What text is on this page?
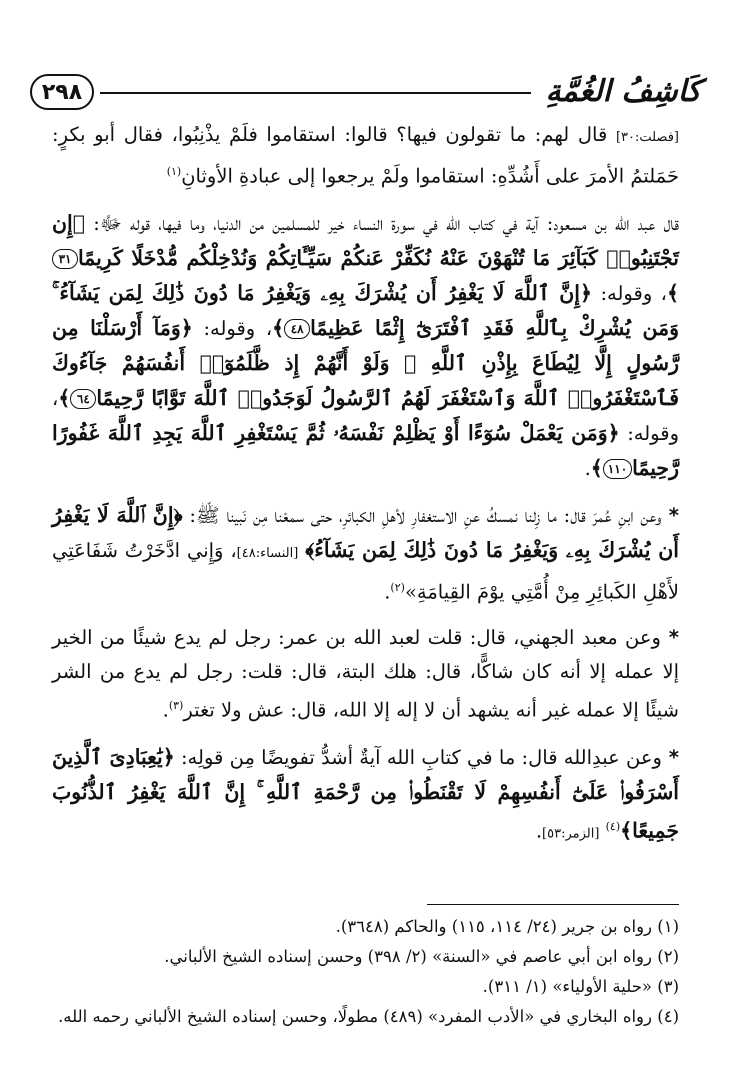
كَاشِفُ الغُمَّةِ
٢٩٨

[فصلت:٣٠] قال لهم: ما تقولون فيها؟ قالوا: استقاموا فلَمْ يذْنِبُوا، فقال أبو بكرٍ: حَمَلتمُ الأمرَ على أَشُدِّهِ: استقاموا ولَمْ يرجعوا إلى عبادةِ الأوثانِ$^{(١)}$

قال عبد الله بن مسعود: آية في كتاب الله في سورة النساء خير للمسلمين من الدنيا، وما فيها، قوله ﷻ: ﴿إِن تَجْتَنِبُوا۟ كَبَآئِرَ مَا تُنْهَوْنَ عَنْهُ نُكَفِّرْ عَنكُمْ سَيِّـَٔاتِكُمْ وَنُدْخِلْكُم مُّدْخَلًا كَرِيمًا٣١﴾، وقوله: ﴿إِنَّ ٱللَّهَ لَا يَغْفِرُ أَن يُشْرَكَ بِهِۦ وَيَغْفِرُ مَا دُونَ ذَٰلِكَ لِمَن يَشَآءُ ۚ وَمَن يُشْرِكْ بِٱللَّهِ فَقَدِ ٱفْتَرَىٰٓ إِثْمًا عَظِيمًا٤٨﴾، وقوله: ﴿وَمَآ أَرْسَلْنَا مِن رَّسُولٍ إِلَّا لِيُطَاعَ بِإِذْنِ ٱللَّهِ ۚ وَلَوْ أَنَّهُمْ إِذ ظَّلَمُوٓا۟ أَنفُسَهُمْ جَآءُوكَ فَٱسْتَغْفَرُوا۟ ٱللَّهَ وَٱسْتَغْفَرَ لَهُمُ ٱلرَّسُولُ لَوَجَدُوا۟ ٱللَّهَ تَوَّابًا رَّحِيمًا٦٤﴾، وقوله: ﴿وَمَن يَعْمَلْ سُوٓءًا أَوْ يَظْلِمْ نَفْسَهُۥ ثُمَّ يَسْتَغْفِرِ ٱللَّهَ يَجِدِ ٱللَّهَ غَفُورًا رَّحِيمًا١١٠﴾.

* وعن ابنِ عُمرَ قال: ما زِلنا نمسكُ عنِ الاستغفارِ لأهلِ الكبائرِ، حتى سمعْنا مِن نَبينا ﷺ: ﴿إِنَّ ٱللَّهَ لَا يَغْفِرُ أَن يُشْرَكَ بِهِۦ وَيَغْفِرُ مَا دُونَ ذَٰلِكَ لِمَن يَشَآءُ﴾ [النساء:٤٨]، وَإِني ادَّخَرْتُ شَفَاعَتِي لأَهْلِ الكَبائِرِ مِنْ أُمَّتِي يوْمَ القِيامَةِ»$^{(٢)}$.

* وعن معبد الجهني، قال: قلت لعبد الله بن عمر: رجل لم يدع شيئًا من الخير إلا عمله إلا أنه كان شاكًّا، قال: هلك البتة، قال: قلت: رجل لم يدع من الشر شيئًا إلا عمله غير أنه يشهد أن لا إله إلا الله، قال: عش ولا تغتر$^{(٣)}$.

* وعن عبدِالله قال: ما في كتابِ الله آيةٌ أشدُّ تفويضًا مِن قولِه: ﴿يَٰعِبَادِىَ ٱلَّذِينَ أَسْرَفُوا۟ عَلَىٰٓ أَنفُسِهِمْ لَا تَقْنَطُوا۟ مِن رَّحْمَةِ ٱللَّهِ ۚ إِنَّ ٱللَّهَ يَغْفِرُ ٱلذُّنُوبَ جَمِيعًا﴾$^{(٤)}$ [الزمر:٥٣].

(١) رواه بن جرير (٢٤/ ١١٤، ١١٥) والحاكم (٣٦٤٨).

(٢) رواه ابن أبي عاصم في «السنة» (٢/ ٣٩٨) وحسن إسناده الشيخ الألباني.

(٣) «حلية الأولياء» (١/ ٣١١).

(٤) رواه البخاري في «الأدب المفرد» (٤٨٩) مطولًا، وحسن إسناده الشيخ الألباني رحمه الله.
